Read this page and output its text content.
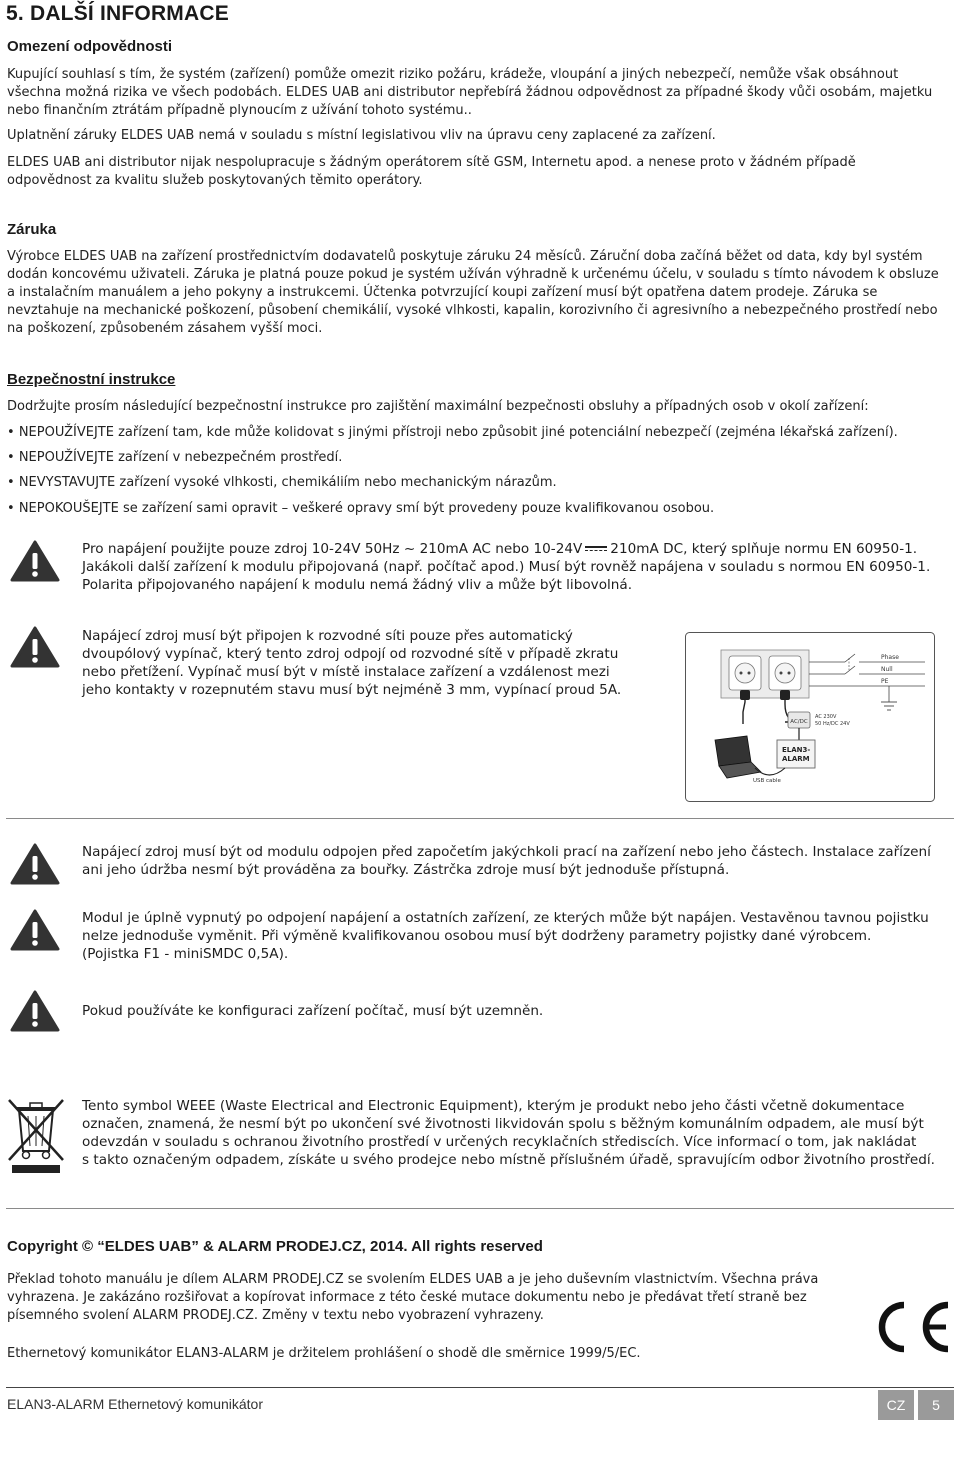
5. DALŠÍ INFORMACE
Omezení odpovědnosti

Kupující souhlasí s tím, že systém (zařízení) pomůže omezit riziko požáru, krádeže, vloupání a jiných nebezpečí, nemůže však obsáhnout všechna možná rizika ve všech podobách. ELDES UAB ani distributor nepřebírá žádnou odpovědnost za případné škody vůči osobám, majetku nebo finančním ztrátám případně plynoucím z užívání tohoto systému..

Uplatnění záruky ELDES UAB nemá v souladu s místní legislativou vliv na úpravu ceny zaplacené za zařízení.

ELDES UAB ani distributor nijak nespolupracuje s žádným operátorem sítě GSM, Internetu apod. a nenese proto v žádném případě odpovědnost za kvalitu služeb poskytovaných těmito operátory.

Záruka

Výrobce ELDES UAB na zařízení prostřednictvím dodavatelů poskytuje záruku 24 měsíců. Záruční doba začíná běžet od data, kdy byl systém dodán koncovému uživateli. Záruka je platná pouze pokud je systém užíván výhradně k určenému účelu, v souladu s tímto návodem k obsluze a instalačním manuálem a jeho pokyny a instrukcemi. Účtenka potvrzující koupi zařízení musí být opatřena datem prodeje. Záruka se nevztahuje na mechanické poškození, působení chemikálií, vysoké vlhkosti, kapalin, korozivního či agresivního a nebezpečného prostředí nebo na poškození, způsobeném zásahem vyšší moci.

Bezpečnostní instrukce

Dodržujte prosím následující bezpečnostní instrukce pro zajištění maximální bezpečnosti obsluhy a případných osob v okolí zařízení:

• NEPOUŽÍVEJTE zařízení tam, kde může kolidovat s jinými přístroji nebo způsobit jiné potenciální nebezpečí (zejména lékařská zařízení).

• NEPOUŽÍVEJTE zařízení v nebezpečném prostředí.

• NEVYSTAVUJTE zařízení vysoké vlhkosti, chemikáliím nebo mechanickým nárazům.

• NEPOKOUŠEJTE se zařízení sami opravit – veškeré opravy smí být provedeny pouze kvalifikovanou osobou.

Pro napájení použijte pouze zdroj 10-24V 50Hz ~ 210mA AC nebo 10-24V 210mA DC, který splňuje normu EN 60950-1.
Jakákoli další zařízení k modulu připojovaná (např. počítač apod.) Musí být rovněž napájena v souladu s normou EN 60950-1.
Polarita připojovaného napájení k modulu nemá žádný vliv a může být libovolná.
Napájecí zdroj musí být připojen k rozvodné síti pouze přes automatický
dvoupólový vypínač, který tento zdroj odpojí od rozvodné sítě v případě zkratu
nebo přetížení. Vypínač musí být v místě instalace zařízení a vzdálenost mezi
jeho kontakty v rozepnutém stavu musí být nejméně 3 mm, vypínací proud 5A.
Phase
Null
PE
AC/DC
AC 230V
50 Hz/DC 24V
ELAN3-
ALARM
USB cable
Napájecí zdroj musí být od modulu odpojen před započetím jakýchkoli prací na zařízení nebo jeho částech. Instalace zařízení
ani jeho údržba nesmí být prováděna za bouřky. Zástrčka zdroje musí být jednoduše přístupná.
Modul je úplně vypnutý po odpojení napájení a ostatních zařízení, ze kterých může být napájen. Vestavěnou tavnou pojistku
nelze jednoduše vyměnit. Při výměně kvalifikovanou osobou musí být dodrženy parametry pojistky dané výrobcem.
(Pojistka F1 - miniSMDC 0,5A).
Pokud používáte ke konfiguraci zařízení počítač, musí být uzemněn.
Tento symbol WEEE (Waste Electrical and Electronic Equipment), kterým je produkt nebo jeho části včetně dokumentace
označen, znamená, že nesmí být po ukončení své životnosti likvidován spolu s běžným komunálním odpadem, ale musí být
odevzdán v souladu s ochranou životního prostředí v určených recyklačních střediscích. Více informací o tom, jak nakládat
s takto označeným odpadem, získáte u svého prodejce nebo místně příslušném úřadě, spravujícím odbor životního prostředí.
Copyright © “ELDES UAB” & ALARM PRODEJ.CZ, 2014. All rights reserved

Překlad tohoto manuálu je dílem ALARM PRODEJ.CZ se svolením ELDES UAB a je jeho duševním vlastnictvím. Všechna práva vyhrazena. Je zakázáno rozšiřovat a kopírovat informace z této české mutace dokumentu nebo je předávat třetí straně bez písemného svolení ALARM PRODEJ.CZ. Změny v textu nebo vyobrazení vyhrazeny.

Ethernetový komunikátor ELAN3-ALARM je držitelem prohlášení o shodě dle směrnice 1999/5/EC.

ELAN3-ALARM Ethernetový komunikátor	CZ	5
